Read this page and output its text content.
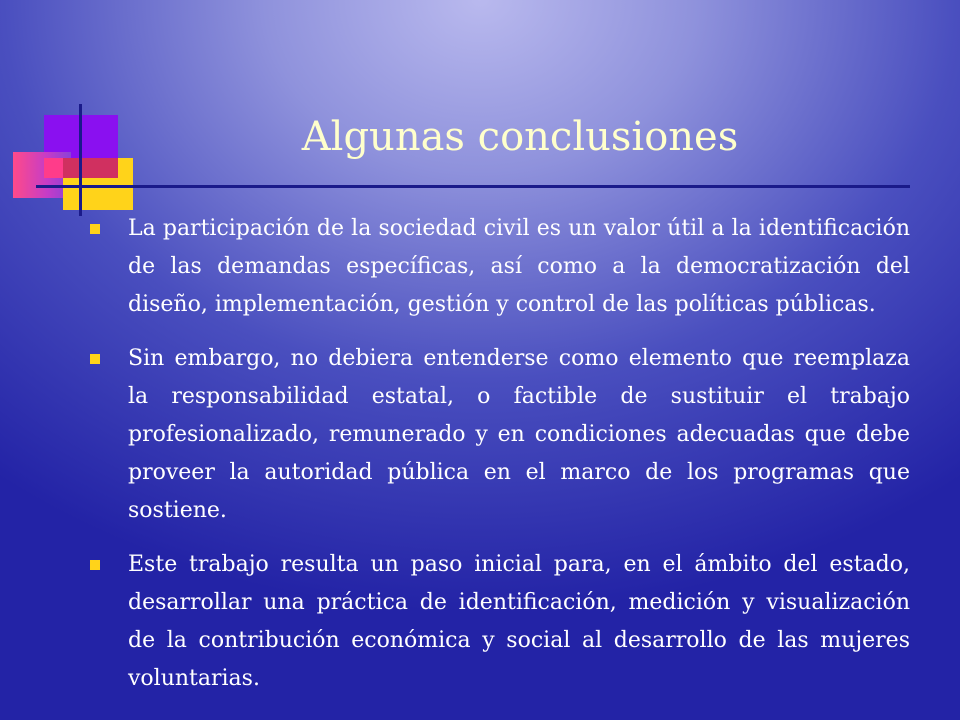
Algunas conclusiones

La participación de la sociedad civil es un valor útil a la identificación de las demandas específicas, así como a la democratización del diseño, implementación, gestión y control de las políticas públicas.

Sin embargo, no debiera entenderse como elemento que reemplaza la responsabilidad estatal, o factible de sustituir el trabajo profesionalizado, remunerado y en condiciones adecuadas que debe proveer la autoridad pública en el marco de los programas que sostiene.

Este trabajo resulta un paso inicial para, en el ámbito del estado, desarrollar una práctica de identificación, medición y visualización de la contribución económica y social al desarrollo de las mujeres voluntarias.
